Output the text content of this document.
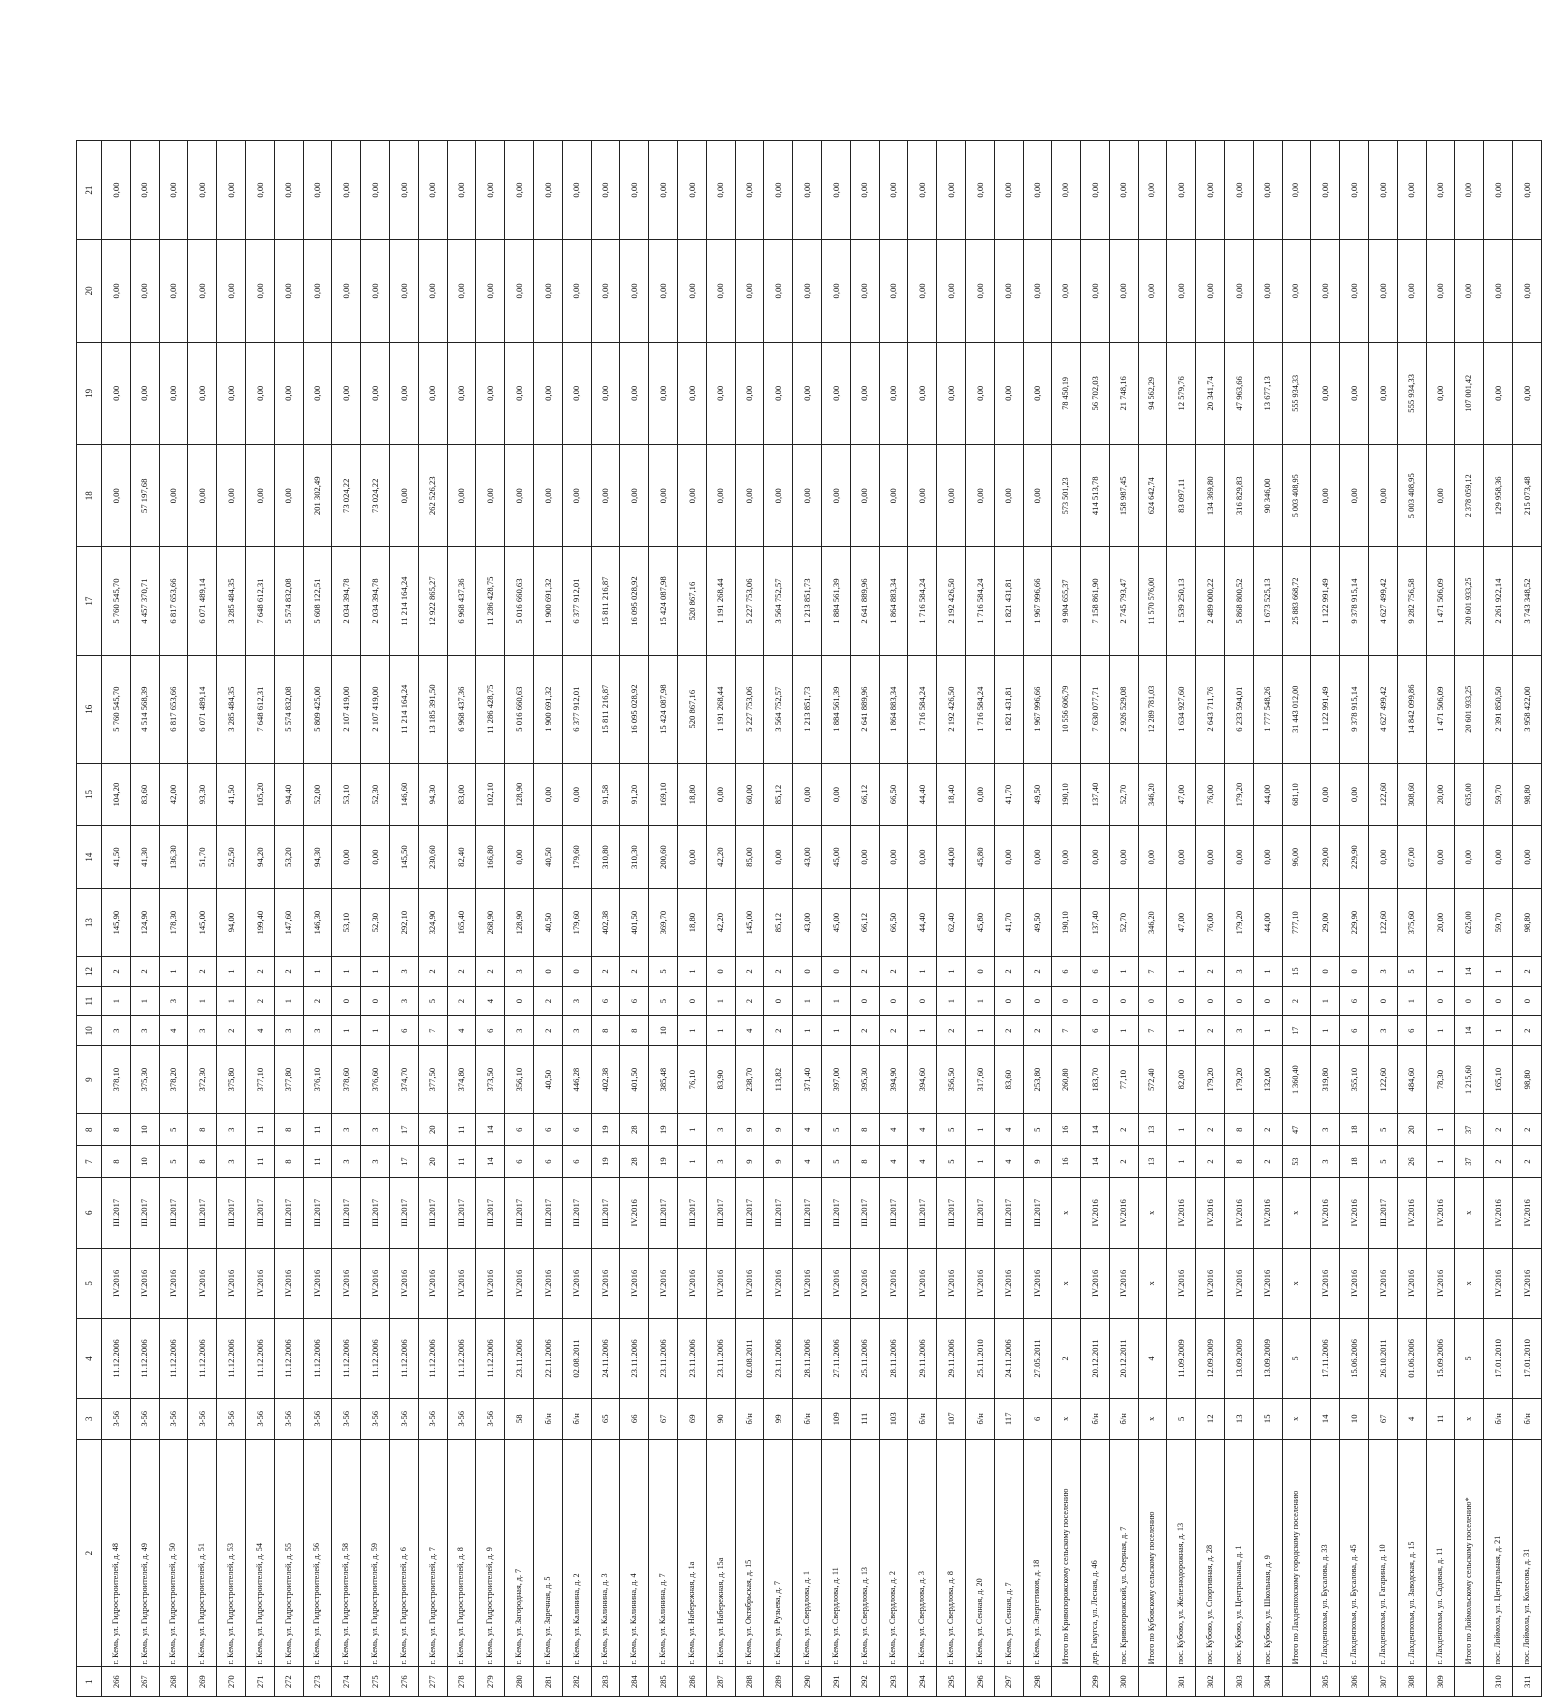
1	2	3	4	5	6	7	8	9	10	11	12	13	14	15	16	17	18	19	20	21
266	г. Кемь, ул. Гидростроителей, д. 48	3-56	11.12.2006	IV.2016	III.2017	8	8	378,10	3	1	2	145,90	41,50	104,20	5 760 545,70	5 760 545,70	0,00	0,00	0,00	0,00
267	г. Кемь, ул. Гидростроителей, д. 49	3-56	11.12.2006	IV.2016	III.2017	10	10	375,30	3	1	2	124,90	41,30	83,60	4 514 568,39	4 457 370,71	57 197,68	0,00	0,00	0,00
268	г. Кемь, ул. Гидростроителей, д. 50	3-56	11.12.2006	IV.2016	III.2017	5	5	378,20	4	3	1	178,30	136,30	42,00	6 817 653,66	6 817 653,66	0,00	0,00	0,00	0,00
269	г. Кемь, ул. Гидростроителей, д. 51	3-56	11.12.2006	IV.2016	III.2017	8	8	372,30	3	1	2	145,00	51,70	93,30	6 071 489,14	6 071 489,14	0,00	0,00	0,00	0,00
270	г. Кемь, ул. Гидростроителей, д. 53	3-56	11.12.2006	IV.2016	III.2017	3	3	375,80	2	1	1	94,00	52,50	41,50	3 285 484,35	3 285 484,35	0,00	0,00	0,00	0,00
271	г. Кемь, ул. Гидростроителей, д. 54	3-56	11.12.2006	IV.2016	III.2017	11	11	377,10	4	2	2	199,40	94,20	105,20	7 648 612,31	7 648 612,31	0,00	0,00	0,00	0,00
272	г. Кемь, ул. Гидростроителей, д. 55	3-56	11.12.2006	IV.2016	III.2017	8	8	377,80	3	1	2	147,60	53,20	94,40	5 574 832,08	5 574 832,08	0,00	0,00	0,00	0,00
273	г. Кемь, ул. Гидростроителей, д. 56	3-56	11.12.2006	IV.2016	III.2017	11	11	376,10	3	2	1	146,30	94,30	52,00	5 809 425,00	5 608 122,51	201 302,49	0,00	0,00	0,00
274	г. Кемь, ул. Гидростроителей, д. 58	3-56	11.12.2006	IV.2016	III.2017	3	3	378,60	1	0	1	53,10	0,00	53,10	2 107 419,00	2 034 394,78	73 024,22	0,00	0,00	0,00
275	г. Кемь, ул. Гидростроителей, д. 59	3-56	11.12.2006	IV.2016	III.2017	3	3	376,60	1	0	1	52,30	0,00	52,30	2 107 419,00	2 034 394,78	73 024,22	0,00	0,00	0,00
276	г. Кемь, ул. Гидростроителей, д. 6	3-56	11.12.2006	IV.2016	III.2017	17	17	374,70	6	3	3	292,10	145,50	146,60	11 214 164,24	11 214 164,24	0,00	0,00	0,00	0,00
277	г. Кемь, ул. Гидростроителей, д. 7	3-56	11.12.2006	IV.2016	III.2017	20	20	377,50	7	5	2	324,90	230,60	94,30	13 185 391,50	12 922 865,27	262 526,23	0,00	0,00	0,00
278	г. Кемь, ул. Гидростроителей, д. 8	3-56	11.12.2006	IV.2016	III.2017	11	11	374,80	4	2	2	165,40	82,40	83,00	6 968 437,36	6 968 437,36	0,00	0,00	0,00	0,00
279	г. Кемь, ул. Гидростроителей, д. 9	3-56	11.12.2006	IV.2016	III.2017	14	14	373,50	6	4	2	268,90	166,80	102,10	11 286 428,75	11 286 428,75	0,00	0,00	0,00	0,00
280	г. Кемь, ул. Загородная, д. 7	58	23.11.2006	IV.2016	III.2017	6	6	356,10	3	0	3	128,90	0,00	128,90	5 016 660,63	5 016 660,63	0,00	0,00	0,00	0,00
281	г. Кемь, ул. Заречная, д. 5	б/н	22.11.2006	IV.2016	III.2017	6	6	40,50	2	2	0	40,50	40,50	0,00	1 900 691,32	1 900 691,32	0,00	0,00	0,00	0,00
282	г. Кемь, ул. Калинина, д. 2	б/н	02.08.2011	IV.2016	III.2017	6	6	446,28	3	3	0	179,60	179,60	0,00	6 377 912,01	6 377 912,01	0,00	0,00	0,00	0,00
283	г. Кемь, ул. Калинина, д. 3	65	24.11.2006	IV.2016	III.2017	19	19	402,38	8	6	2	402,38	310,80	91,58	15 811 216,87	15 811 216,87	0,00	0,00	0,00	0,00
284	г. Кемь, ул. Калинина, д. 4	66	23.11.2006	IV.2016	IV.2016	28	28	401,50	8	6	2	401,50	310,30	91,20	16 095 028,92	16 095 028,92	0,00	0,00	0,00	0,00
285	г. Кемь, ул. Калинина, д. 7	67	23.11.2006	IV.2016	III.2017	19	19	385,48	10	5	5	369,70	200,60	169,10	15 424 087,98	15 424 087,98	0,00	0,00	0,00	0,00
286	г. Кемь, ул. Набережная, д. 1а	69	23.11.2006	IV.2016	III.2017	1	1	76,10	1	0	1	18,80	0,00	18,80	520 867,16	520 867,16	0,00	0,00	0,00	0,00
287	г. Кемь, ул. Набережная, д. 15а	90	23.11.2006	IV.2016	III.2017	3	3	83,90	1	1	0	42,20	42,20	0,00	1 191 268,44	1 191 268,44	0,00	0,00	0,00	0,00
288	г. Кемь, ул. Октябрьская, д. 15	б/н	02.08.2011	IV.2016	III.2017	9	9	238,70	4	2	2	145,00	85,00	60,00	5 227 753,06	5 227 753,06	0,00	0,00	0,00	0,00
289	г. Кемь, ул. Рузьева, д. 7	99	23.11.2006	IV.2016	III.2017	9	9	113,82	2	0	2	85,12	0,00	85,12	3 564 752,57	3 564 752,57	0,00	0,00	0,00	0,00
290	г. Кемь, ул. Свердлова, д. 1	б/н	28.11.2006	IV.2016	III.2017	4	4	371,40	1	1	0	43,00	43,00	0,00	1 213 851,73	1 213 851,73	0,00	0,00	0,00	0,00
291	г. Кемь, ул. Свердлова, д. 11	109	27.11.2006	IV.2016	III.2017	5	5	397,00	1	1	0	45,00	45,00	0,00	1 884 561,39	1 884 561,39	0,00	0,00	0,00	0,00
292	г. Кемь, ул. Свердлова, д. 13	111	25.11.2006	IV.2016	III.2017	8	8	395,30	2	0	2	66,12	0,00	66,12	2 641 889,96	2 641 889,96	0,00	0,00	0,00	0,00
293	г. Кемь, ул. Свердлова, д. 2	103	28.11.2006	IV.2016	III.2017	4	4	394,90	2	0	2	66,50	0,00	66,50	1 864 883,34	1 864 883,34	0,00	0,00	0,00	0,00
294	г. Кемь, ул. Свердлова, д. 3	б/н	29.11.2006	IV.2016	III.2017	4	4	394,60	1	0	1	44,40	0,00	44,40	1 716 584,24	1 716 584,24	0,00	0,00	0,00	0,00
295	г. Кемь, ул. Свердлова, д. 8	107	29.11.2006	IV.2016	III.2017	5	5	356,50	2	1	1	62,40	44,00	18,40	2 192 426,50	2 192 426,50	0,00	0,00	0,00	0,00
296	г. Кемь, ул. Сенная, д. 20	б/н	25.11.2010	IV.2016	III.2017	1	1	317,60	1	1	0	45,80	45,80	0,00	1 716 584,24	1 716 584,24	0,00	0,00	0,00	0,00
297	г. Кемь, ул. Сенная, д. 7	117	24.11.2006	IV.2016	III.2017	4	4	83,60	2	0	2	41,70	0,00	41,70	1 821 431,81	1 821 431,81	0,00	0,00	0,00	0,00
298	г. Кемь, ул. Энергетиков, д. 18	6	27.05.2011	IV.2016	III.2017	9	5	253,80	2	0	2	49,50	0,00	49,50	1 967 996,66	1 967 996,66	0,00	0,00	0,00	0,00
	Итого по Кривопорожскому сельскому поселению	х	2	х	х	16	16	260,80	7	0	6	190,10	0,00	190,10	10 556 606,79	9 904 655,37	573 501,23	78 450,19	0,00	0,00
299	дер. Гакугса, ул. Лесная, д. 46	б/н	20.12.2011	IV.2016	IV.2016	14	14	183,70	6	0	6	137,40	0,00	137,40	7 630 077,71	7 158 861,90	414 513,78	56 702,03	0,00	0,00
300	пос. Кривопорожский, ул. Озерная, д. 7	б/н	20.12.2011	IV.2016	IV.2016	2	2	77,10	1	0	1	52,70	0,00	52,70	2 926 529,08	2 745 793,47	158 987,45	21 748,16	0,00	0,00
	Итого по Кубовскому сельскому поселению	х	4	х	х	13	13	572,40	7	0	7	346,20	0,00	346,20	12 289 781,03	11 570 576,00	624 642,74	94 562,29	0,00	0,00
301	пос. Кубово, ул. Железнодорожная, д. 13	5	11.09.2009	IV.2016	IV.2016	1	1	82,00	1	0	1	47,00	0,00	47,00	1 634 927,60	1 539 250,13	83 097,11	12 579,76	0,00	0,00
302	пос. Кубово, ул. Спортивная, д. 28	12	12.09.2009	IV.2016	IV.2016	2	2	179,20	2	0	2	76,00	0,00	76,00	2 643 711,76	2 489 000,22	134 369,80	20 341,74	0,00	0,00
303	пос. Кубово, ул. Центральная, д. 1	13	13.09.2009	IV.2016	IV.2016	8	8	179,20	3	0	3	179,20	0,00	179,20	6 233 594,01	5 868 800,52	316 829,83	47 963,66	0,00	0,00
304	пос. Кубово, ул. Школьная, д. 9	15	13.09.2009	IV.2016	IV.2016	2	2	132,00	1	0	1	44,00	0,00	44,00	1 777 548,26	1 673 525,13	90 346,00	13 677,13	0,00	0,00
	Итого по Лахденпохскому городскому поселению	х	5	х	х	53	47	1 360,40	17	2	15	777,10	96,00	681,10	31 443 012,00	25 883 668,72	5 003 408,95	555 934,33	0,00	0,00
305	г. Лахденпохья, ул. Бусалова, д. 33	14	17.11.2006	IV.2016	IV.2016	3	3	319,80	1	1	0	29,00	29,00	0,00	1 122 991,49	1 122 991,49	0,00	0,00	0,00	0,00
306	г. Лахденпохья, ул. Бусалова, д. 45	10	15.06.2006	IV.2016	IV.2016	18	18	355,10	6	6	0	229,90	229,90	0,00	9 378 915,14	9 378 915,14	0,00	0,00	0,00	0,00
307	г. Лахденпохья, ул. Гагарина, д. 10	67	26.10.2011	IV.2016	III.2017	5	5	122,60	3	0	3	122,60	0,00	122,60	4 627 499,42	4 627 499,42	0,00	0,00	0,00	0,00
308	г. Лахденпохья, ул. Заводская, д. 15	4	01.06.2006	IV.2016	IV.2016	26	20	484,60	6	1	5	375,60	67,00	308,60	14 842 099,86	9 282 756,58	5 003 408,95	555 934,33	0,00	0,00
309	г. Лахденпохья, ул. Садовая, д. 11	11	15.09.2006	IV.2016	IV.2016	1	1	78,30	1	0	1	20,00	0,00	20,00	1 471 506,09	1 471 506,09	0,00	0,00	0,00	0,00
	Итого по Лоймольскому сельскому поселению*	х	5	х	х	37	37	1 215,60	14	0	14	625,00	0,00	635,00	20 601 933,25	20 601 933,25	2 378 059,12	107 001,42	0,00	0,00
310	пос. Лоймола, ул. Центральная, д. 21	б/н	17.01.2010	IV.2016	IV.2016	2	2	165,10	1	0	1	59,70	0,00	59,70	2 391 850,50	2 261 922,14	129 958,36	0,00	0,00	0,00
311	пос. Лоймола, ул. Колесова, д. 31	б/н	17.01.2010	IV.2016	IV.2016	2	2	98,80	2	0	2	98,80	0,00	98,80	3 958 422,00	3 743 348,52	215 073,48	0,00	0,00	0,00
